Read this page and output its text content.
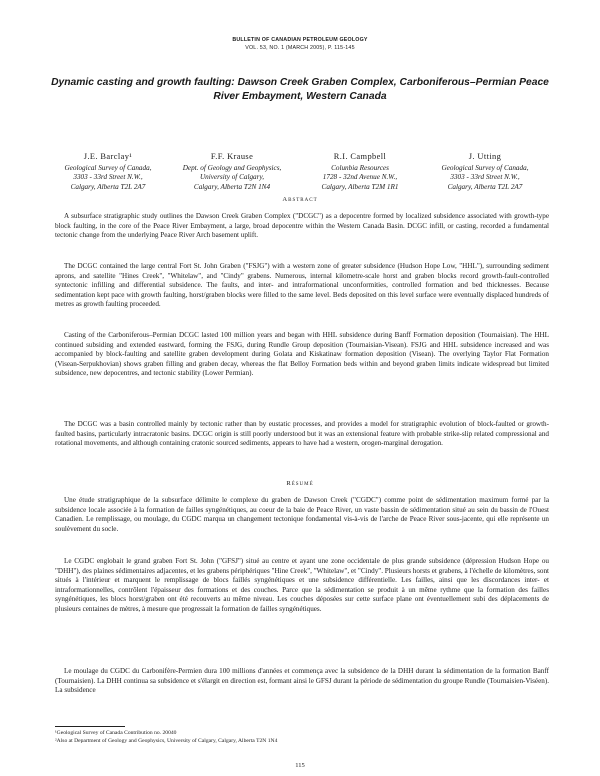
BULLETIN OF CANADIAN PETROLEUM GEOLOGY
VOL. 53, NO. 1 (MARCH 2005), P. 115-145
Dynamic casting and growth faulting: Dawson Creek Graben Complex, Carboniferous–Permian Peace River Embayment, Western Canada
J.E. Barclay¹
Geological Survey of Canada,
3303 - 33rd Street N.W.,
Calgary, Alberta T2L 2A7
F.F. Krause
Dept. of Geology and Geophysics,
University of Calgary,
Calgary, Alberta T2N 1N4
R.I. Campbell
Colunbia Resources
1728 - 32nd Avenue N.W.,
Calgary, Alberta T2M 1R1
J. Utting
Geological Survey of Canada,
3303 - 33rd Street N.W.,
Calgary, Alberta T2L 2A7
Abstract

A subsurface stratigraphic study outlines the Dawson Creek Graben Complex ("DCGC") as a depocentre formed by localized subsidence associated with growth-type block faulting, in the core of the Peace River Embayment, a large, broad depocentre within the Western Canada Basin. DCGC infill, or casting, recorded a fundamental tectonic change from the underlying Peace River Arch basement uplift.

The DCGC contained the large central Fort St. John Graben ("FSJG") with a western zone of greater subsidence (Hudson Hope Low, "HHL"), surrounding sediment aprons, and satellite "Hines Creek", "Whitelaw", and "Cindy" grabens. Numerous, internal kilometre-scale horst and graben blocks record growth-fault-controlled syntectonic infilling and differential subsidence. The faults, and inter- and intraformational unconformities, controlled formation and bed thicknesses. Because sedimentation kept pace with growth faulting, horst/graben blocks were filled to the same level. Beds deposited on this level surface were eventually displaced hundreds of metres as growth faulting proceeded.

Casting of the Carboniferous–Permian DCGC lasted 100 million years and began with HHL subsidence during Banff Formation deposition (Tournaisian). The HHL continued subsiding and extended eastward, forming the FSJG, during Rundle Group deposition (Tournaisian-Visean). FSJG and HHL subsidence increased and was accompanied by block-faulting and satellite graben development during Golata and Kiskatinaw formation deposition (Visean). The overlying Taylor Flat Formation (Visean-Serpukhovian) shows graben filling and graben decay, whereas the flat Belloy Formation beds within and beyond graben limits indicate widespread but limited subsidence, new depocentres, and tectonic stability (Lower Permian).

The DCGC was a basin controlled mainly by tectonic rather than by eustatic processes, and provides a model for stratigraphic evolution of block-faulted or growth-faulted basins, particularly intracratonic basins. DCGC origin is still poorly understood but it was an extensional feature with probable strike-slip related compressional and rotational movements, and although containing cratonic sourced sediments, appears to have had a western, orogen-marginal derogation.

Résumé

Une étude stratigraphique de la subsurface délimite le complexe du graben de Dawson Creek ("CGDC") comme point de sédimentation maximum formé par la subsidence locale associée à la formation de failles syngénétiques, au coeur de la baie de Peace River, un vaste bassin de sédimentation situé au sein du bassin de l'Ouest Canadien. Le remplissage, ou moulage, du CGDC marqua un changement tectonique fondamental vis-à-vis de l'arche de Peace River sous-jacente, qui elle représente un soulèvement du socle.

Le CGDC englobait le grand graben Fort St. John ("GFSJ") situé au centre et ayant une zone occidentale de plus grande subsidence (dépression Hudson Hope ou "DHH"), des plaines sédimentaires adjacentes, et les grabens périphériques "Hine Creek", "Whitelaw", et "Cindy". Plusieurs horsts et grabens, à l'échelle de kilomètres, sont situés à l'intérieur et marquent le remplissage de blocs faillés syngénétiques et une subsidence différentielle. Les failles, ainsi que les discordances inter- et intraformationnelles, contrôlent l'épaisseur des formations et des couches. Parce que la sédimentation se produit à un même rythme que la formation des failles syngénétiques, les blocs horst/graben ont été recouverts au même niveau. Les couches déposées sur cette surface plane ont éventuellement subi des déplacements de plusieurs centaines de mètres, à mesure que progressait la formation de failles syngénétiques.

Le moulage du CGDC du Carbonifère-Permien dura 100 millions d'années et commença avec la subsidence de la DHH durant la sédimentation de la formation Banff (Tournaisien). La DHH continua sa subsidence et s'élargit en direction est, formant ainsi le GFSJ durant la période de sédimentation du groupe Rundle (Tournaisien-Viséen). La subsidence

¹Geological Survey of Canada Contribution no. 20040
²Also at Department of Geology and Geophysics, University of Calgary, Calgary, Alberta T2N 1N4
115
